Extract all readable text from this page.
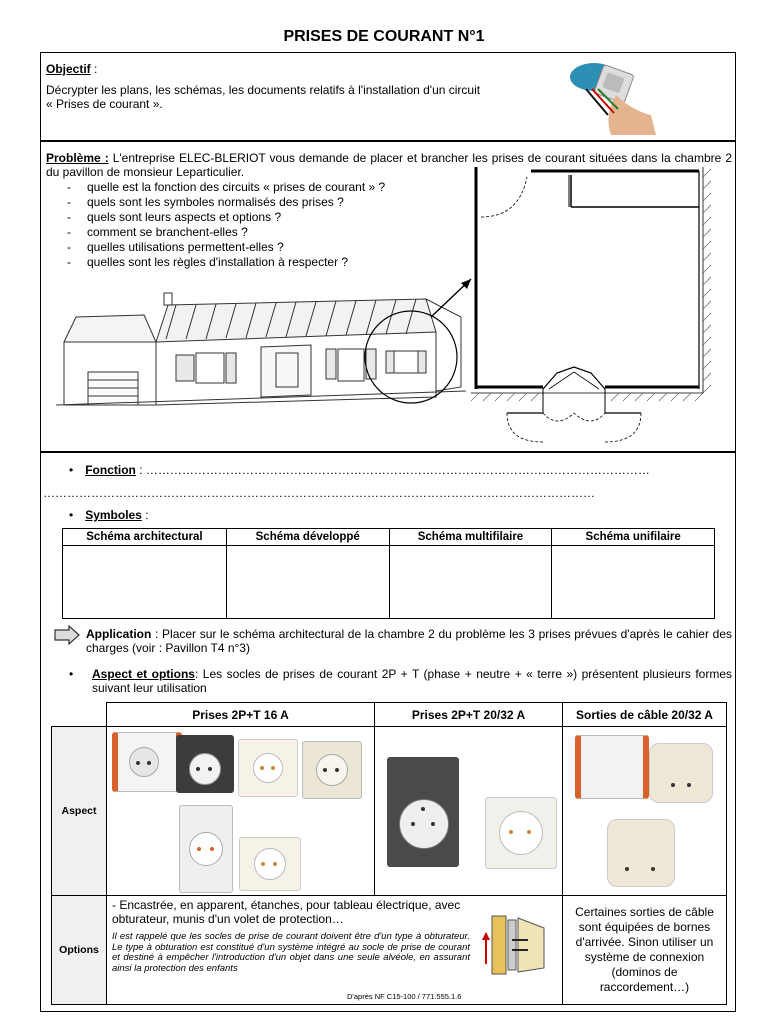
PRISES DE COURANT N°1
Objectif :
Décrypter les plans, les schémas, les documents relatifs à l'installation d'un circuit « Prises de courant ».
Problème : L'entreprise ELEC-BLERIOT vous demande de placer et brancher les prises de courant situées dans la chambre 2 du pavillon de monsieur Leparticulier.
- quelle est la fonction des circuits « prises de courant » ?
- quels sont les symboles normalisés des prises ?
- quels sont leurs aspects et options ?
- comment se branchent-elles ?
- quelles utilisations permettent-elles ?
- quelles sont les règles d'installation à respecter ?
• Fonction : ………………………………………………………………………………………………………………
…………………………………………………………………………………………………………………………
• Symboles :
Schéma architectural	Schéma développé	Schéma multifilaire	Schéma unifilaire

Application : Placer sur le schéma architectural de la chambre 2 du problème les 3 prises prévues d'après le cahier des charges (voir : Pavillon T4 n°3)
• Aspect et options: Les socles de prises de courant 2P + T (phase + neutre + « terre ») présentent plusieurs formes suivant leur utilisation
	Prises 2P+T 16 A	Prises 2P+T 20/32 A	Sorties de câble 20/32 A
Aspect	

Options	- Encastrée, en apparent, étanches, pour tableau électrique, avec obturateur, munis d'un volet de protection…
Il est rappelé que les socles de prise de courant doivent être d'un type à obturateur. Le type à obturation est constitué d'un système intégré au socle de prise de courant et destiné à empêcher l'introduction d'un objet dans une seule alvéole, en assurant ainsi la protection des enfants
D'après NF C15-100 / 771.555.1.6		Certaines sorties de câble sont équipées de bornes d'arrivée. Sinon utiliser un système de connexion (dominos de raccordement…)
